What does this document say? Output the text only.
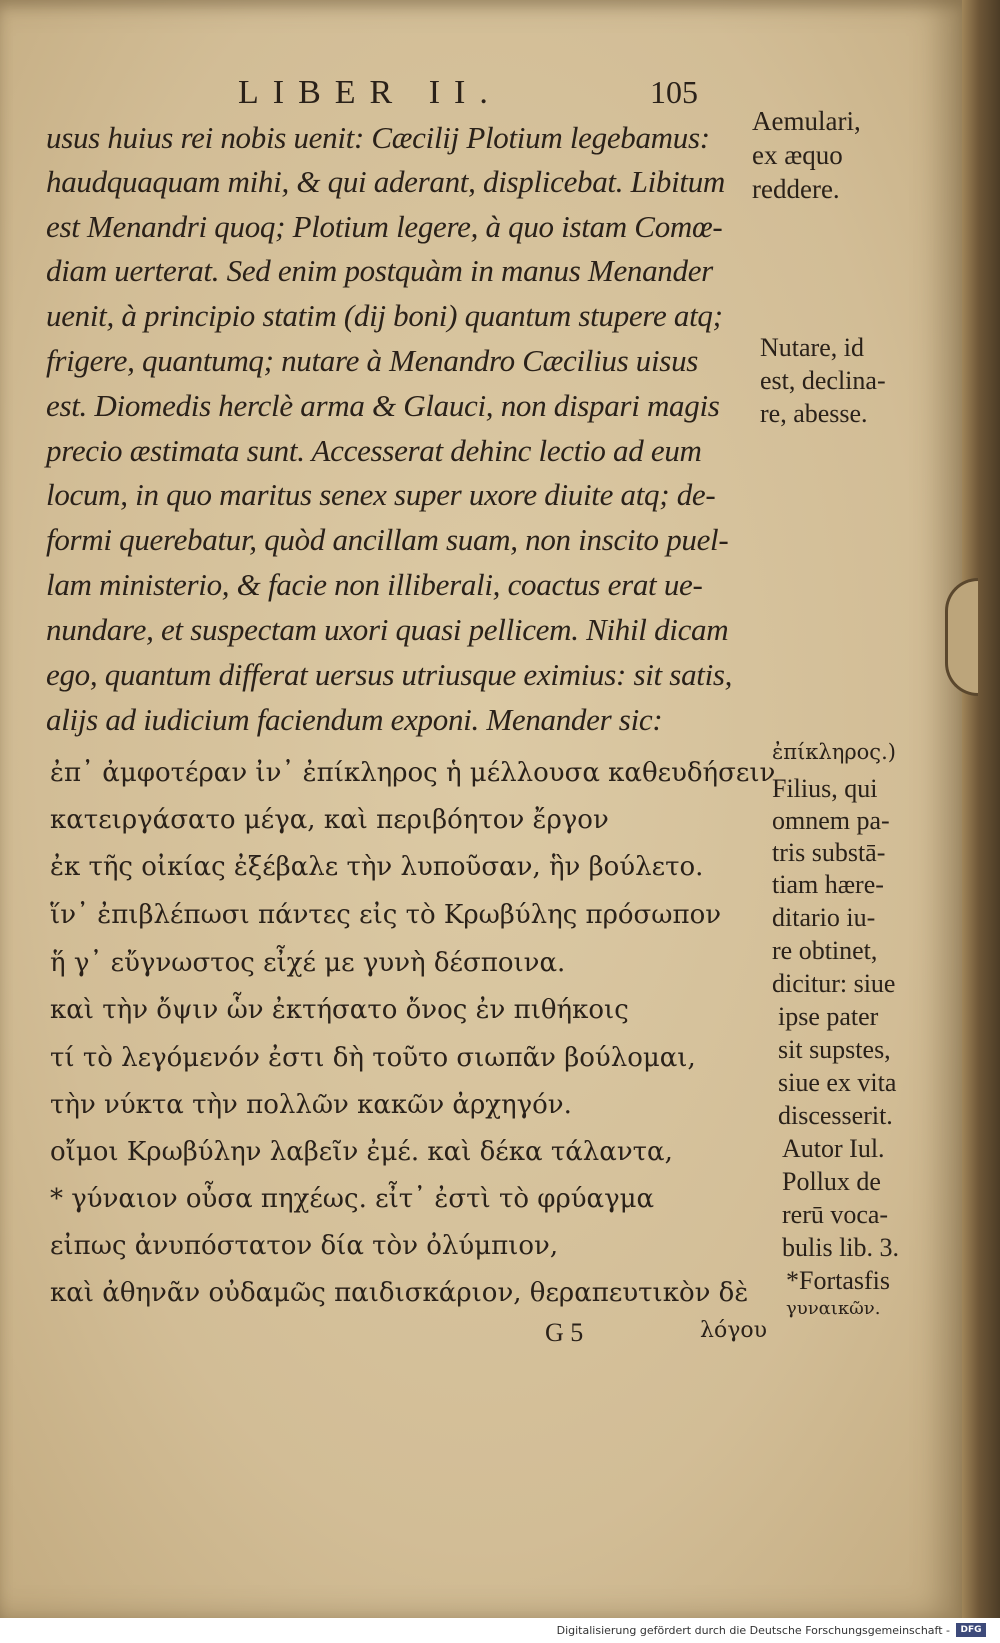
LIBER II.	105
usus huius rei nobis uenit: Cæcilij Plotium legebamus:
haudquaquam mihi, & qui aderant, displicebat. Libitum
est Menandri quoq; Plotium legere, à quo istam Comœ-
diam uerterat. Sed enim postquàm in manus Menander
uenit, à principio statim (dij boni) quantum stupere atq;
frigere, quantumq; nutare à Menandro Cæcilius uisus
est. Diomedis herclè arma & Glauci, non dispari magis
precio æstimata sunt. Accesserat dehinc lectio ad eum
locum, in quo maritus senex super uxore diuite atq; de-
formi querebatur, quòd ancillam suam, non inscito puel-
lam ministerio, & facie non illiberali, coactus erat ue-
nundare, et suspectam uxori quasi pellicem. Nihil dicam
ego, quantum differat uersus utriusque eximius: sit satis,
alijs ad iudicium faciendum exponi. Menander sic:
ἐπ᾽ ἀμφοτέραν ἰν᾽ ἐπίκληρος ἡ μέλλουσα καθευδήσειν
κατειργάσατο μέγα, καὶ περιβόητον ἔργον
ἐκ τῆς οἰκίας ἐξέβαλε τὴν λυποῦσαν, ἣν βούλετο.
ἵν᾽ ἐπιβλέπωσι πάντες εἰς τὸ Κρωβύλης πρόσωπον
ἥ γ᾽ εὔγνωστος εἶχέ με γυνὴ δέσποινα.
καὶ τὴν ὄψιν ὧν ἐκτήσατο ὄνος ἐν πιθήκοις
τί τὸ λεγόμενόν ἐστι δὴ τοῦτο σιωπᾶν βούλομαι,
τὴν νύκτα τὴν πολλῶν κακῶν ἀρχηγόν.
οἴμοι Κρωβύλην λαβεῖν ἐμέ. καὶ δέκα τάλαντα,
* γύναιον οὖσα πηχέως. εἶτ᾽ ἐστὶ τὸ φρύαγμα
εἰπως ἀνυπόστατον δία τὸν ὀλύμπιον,
καὶ ἀθηνᾶν οὐδαμῶς παιδισκάριον, θεραπευτικὸν δὲ
G 5	λόγου
Aemulari,
ex æquo
reddere.
Nutare, id
est, declina-
re, abesse.
ἐπίκληρος.)
Filius, qui
omnem pa-
tris substā-
tiam hære-
ditario iu-
re obtinet,
dicitur: siue
ipse pater
sit supstes,
siue ex vita
discesserit.
Autor Iul.
Pollux de
rerū voca-
bulis lib. 3.
*Fortasfis
γυναικῶν.
Digitalisierung gefördert durch die Deutsche Forschungsgemeinschaft -	DFG
